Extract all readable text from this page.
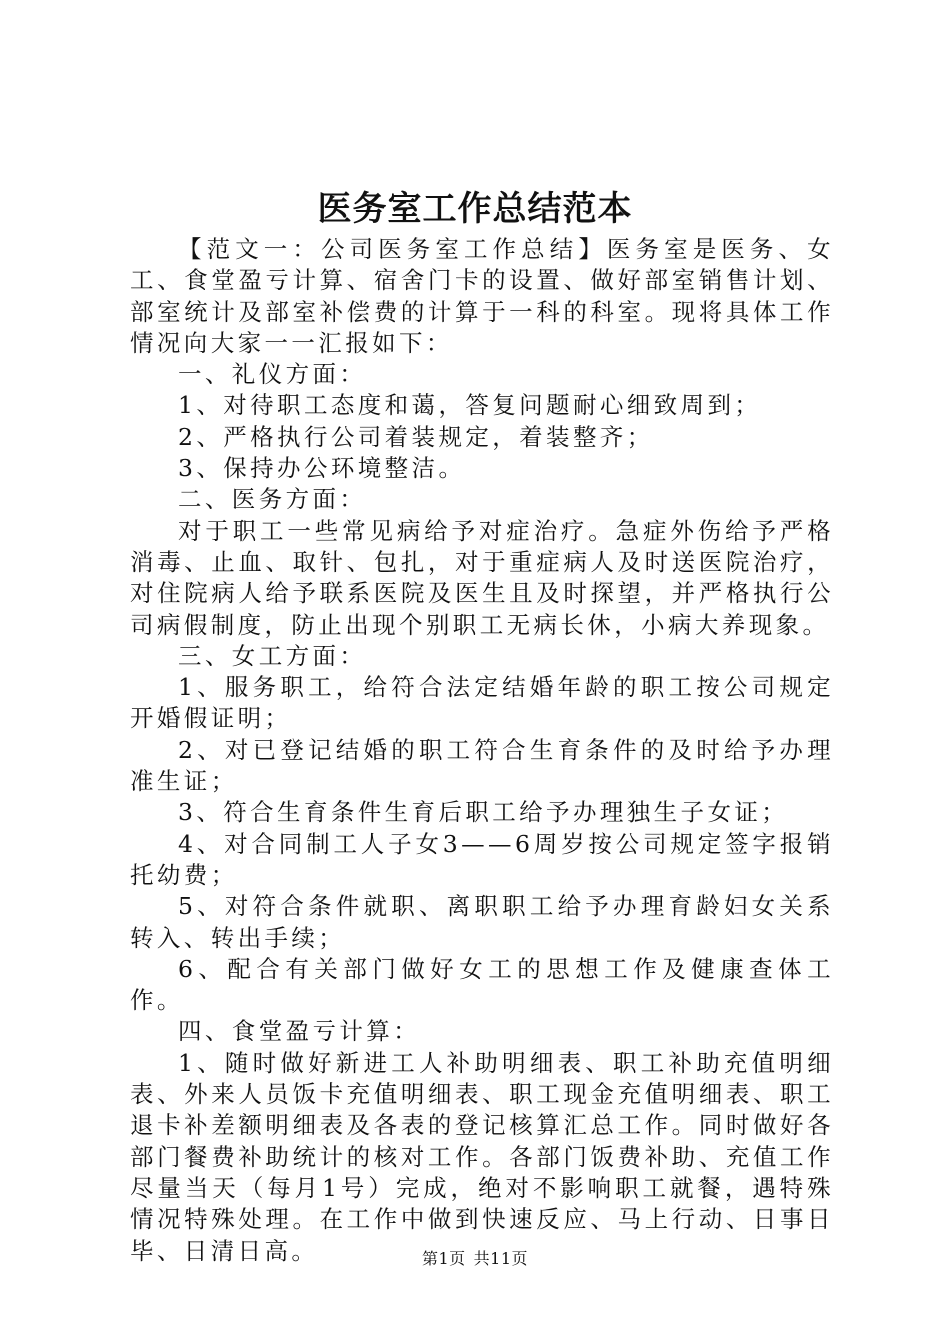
医务室工作总结范本

【范文一：公司医务室工作总结】医务室是医务、女工、食堂盈亏计算、宿舍门卡的设置、做好部室销售计划、部室统计及部室补偿费的计算于一科的科室。现将具体工作情况向大家一一汇报如下：

一、礼仪方面：

1、对待职工态度和蔼，答复问题耐心细致周到；

2、严格执行公司着装规定，着装整齐；

3、保持办公环境整洁。

二、医务方面：

对于职工一些常见病给予对症治疗。急症外伤给予严格消毒、止血、取针、包扎，对于重症病人及时送医院治疗，对住院病人给予联系医院及医生且及时探望，并严格执行公司病假制度，防止出现个别职工无病长休，小病大养现象。

三、女工方面：

1、服务职工，给符合法定结婚年龄的职工按公司规定开婚假证明；

2、对已登记结婚的职工符合生育条件的及时给予办理准生证；

3、符合生育条件生育后职工给予办理独生子女证；

4、对合同制工人子女3——6周岁按公司规定签字报销托幼费；

5、对符合条件就职、离职职工给予办理育龄妇女关系转入、转出手续；

6、配合有关部门做好女工的思想工作及健康查体工作。

四、食堂盈亏计算：

1、随时做好新进工人补助明细表、职工补助充值明细表、外来人员饭卡充值明细表、职工现金充值明细表、职工退卡补差额明细表及各表的登记核算汇总工作。同时做好各部门餐费补助统计的核对工作。各部门饭费补助、充值工作尽量当天（每月1号）完成，绝对不影响职工就餐，遇特殊情况特殊处理。在工作中做到快速反应、马上行动、日事日毕、日清日高。	第1页 共11页
